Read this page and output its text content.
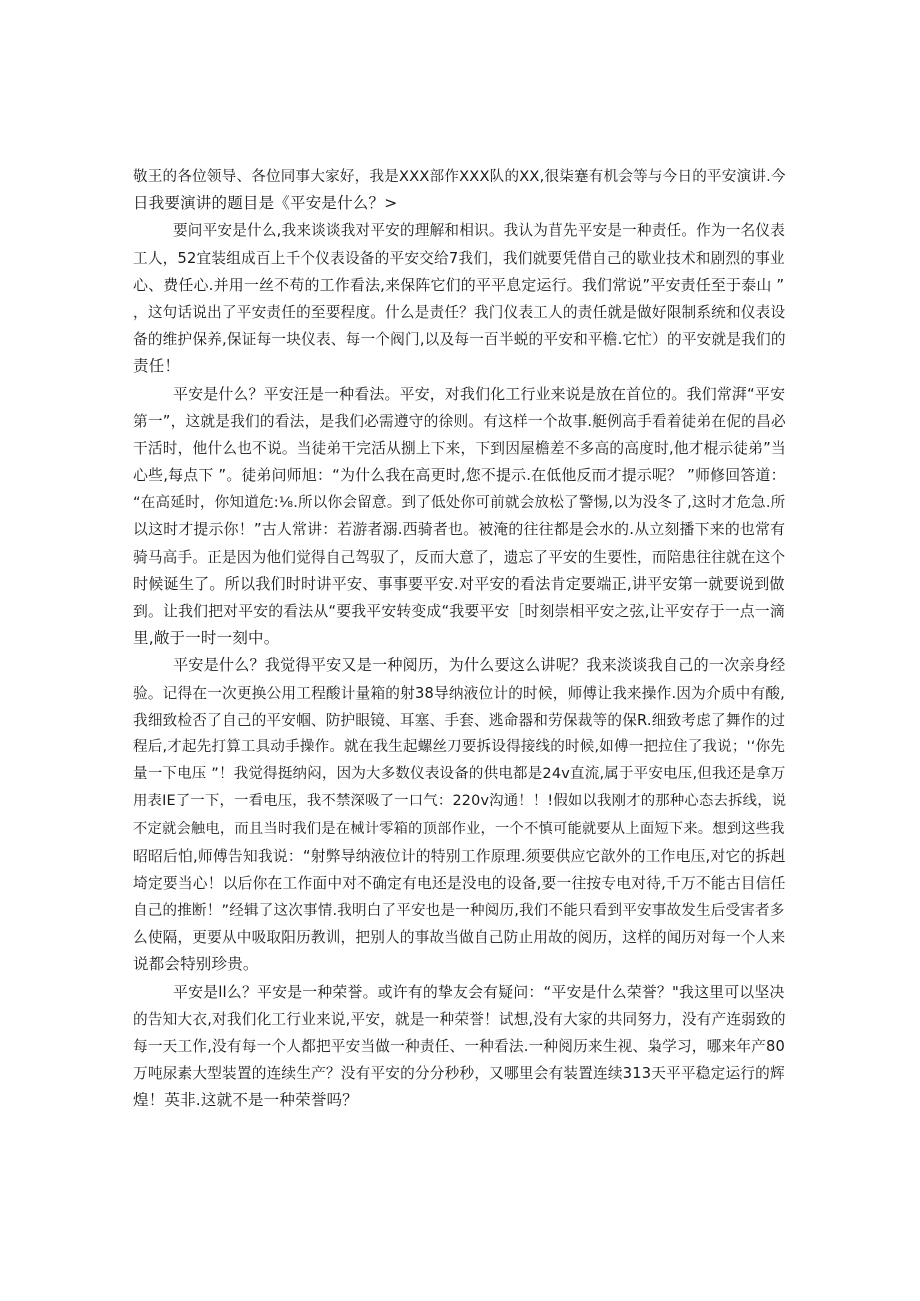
敬王的各位领导、各位同事大家好，我是XXX部作XXX队的XX,很柒蹇有机会等与今日的平安演讲.今
日我要演讲的题目是《平安是什么？>
要问平安是什么,我来谈谈我对平安的理解和相识。我认为苜先平安是一种责任。作为一名仪表
工人，52宜装组成百上千个仪表设备的平安交给7我们，我们就要凭借自己的歇业技术和剧烈的事业
心、费任心.并用一丝不苟的工作看法,来保阵它们的平平息定运行。我们常说”平安责任至于泰山 ”
，这句话说出了平安责任的至要程度。什么是责任？我门仪表工人的责任就是做好限制系统和仪表设
备的维护保养,保证每一块仪表、每一个阀门,以及每一百半蜕的平安和平檐.它忙）的平安就是我们的
责任！
平安是什么？平安汪是一种看法。平安，对我们化工行业来说是放在首位的。我们常湃“平安
第一”，这就是我们的看法，是我们必需遵守的徐则。有这样一个故事.艇例高手看着徒弟在伲的昌必
干活时，他什么也不说。当徒弟干完活从捌上下来，下到因屋檐差不多高的高度时,他才棍示徒弟”当
心些,每点下 ”。徒弟问师旭：“为什么我在高更时,您不提示.在低他反而才提示呢？ ”师修回答道：
“在高延时，你知道危:⅛.所以你会留意。到了低处你可前就会放松了警惕,以为没冬了,这时才危急.所
以这时才提示你！”古人常讲：若游者溺.西骑者也。被淹的往往都是会水的.从立刻播下来的也常有
骑马高手。正是因为他们觉得自己驾驭了，反而大意了，遗忘了平安的生要性，而陪患往往就在这个
时候诞生了。所以我们时时讲平安、事事要平安.对平安的看法肯定要端正,讲平安第一就要说到做
到。让我们把对平安的看法从“要我平安转变成“我要平安［时刻崇相平安之弦,让平安存于一点一滴
里,敞于一时一刻中。
平安是什么？我觉得平安又是一种阅历，为什么要这么讲呢？我来淡谈我自己的一次亲身经
验。记得在一次更换公用工程酸计量箱的射38导纳液位计的时候，师傅让我来操作.因为介质中有酸,
我细致检否了自己的平安帼、防护眼镜、耳塞、手套、逃命器和劳保裁等的保R.细致考虑了舞作的过
程后,才起先打算工具动手操作。就在我生起螺丝刀要拆设得接线的时候,如傅一把拉住了我说；'‘你先
量一下电压 ”！我觉得挺纳闷，因为大多数仪表设备的供电都是24v直流,属于平安电压,但我还是拿万
用表IE了一下，一看电压，我不禁深吸了一口气：220v沟通！！!假如以我刚才的那种心态去拆线，说
不定就会触电，而且当时我们是在械计零箱的顶部作业，一个不慎可能就要从上面短下来。想到这些我
昭昭后怕,师傅告知我说：“射弊导纳液位计的特别工作原理.须要供应它歆外的工作电压,对它的拆赳
埼定要当心！以后你在工作面中对不确定有电还是没电的设备,要一往按专电对待,千万不能古目信任
自己的推断！”经辑了这次事情.我明白了平安也是一种阅历,我们不能只看到平安事故发生后受害者多
么使隔，更要从中吸取阳历教训，把别人的事故当做自己防止用故的阅历，这样的闻历对每一个人来
说都会特别珍贵。
平安是ll么？平安是一种荣誉。或许有的挚友会有疑问：“平安是什么荣誉？"我这里可以坚决
的告知大衣,对我们化工行业来说,平安，就是一种荣誉！试想,没有大家的共同努力，没有产连弱致的
每一天工作,没有每一个人都把平安当做一种责任、一种看法.一种阅历来生视、枭学习，哪来年产80
万吨尿素大型装置的连续生产？没有平安的分分秒秒，又哪里会有装置连续313天平平稳定运行的辉
煌！英非.这就不是一种荣誉吗？
